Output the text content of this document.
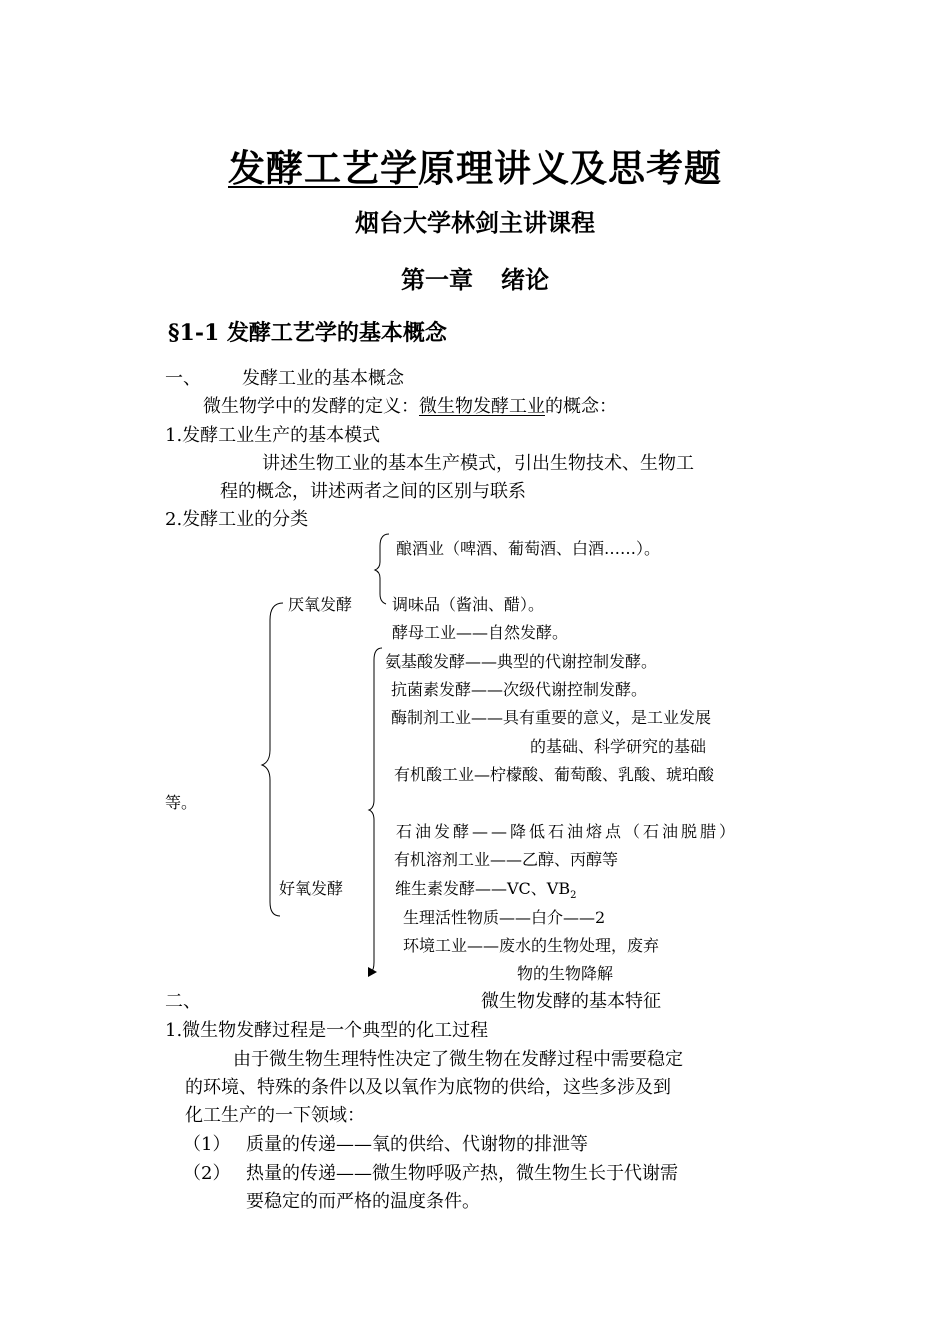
发酵工艺学原理讲义及思考题
烟台大学林剑主讲课程
第一章 绪论
§1-1 发酵工艺学的基本概念
一、 发酵工业的基本概念
微生物学中的发酵的定义：微生物发酵工业的概念：
1.发酵工业生产的基本模式
讲述生物工业的基本生产模式，引出生物技术、生物工
程的概念，讲述两者之间的区别与联系
2.发酵工业的分类
厌氧发酵
好氧发酵
酿酒业（啤酒、葡萄酒、白酒……）。
调味品（酱油、醋）。
酵母工业——自然发酵。
氨基酸发酵——典型的代谢控制发酵。
抗菌素发酵——次级代谢控制发酵。
酶制剂工业——具有重要的意义，是工业发展
的基础、科学研究的基础
有机酸工业—柠檬酸、葡萄酸、乳酸、琥珀酸
等。
石油发酵——降低石油熔点（石油脱腊）
有机溶剂工业——乙醇、丙醇等
维生素发酵——VC、$VB_2$
生理活性物质——白介——2
环境工业——废水的生物处理，废弃
物的生物降解
二、	微生物发酵的基本特征
1.微生物发酵过程是一个典型的化工过程
由于微生物生理特性决定了微生物在发酵过程中需要稳定
的环境、特殊的条件以及以氧作为底物的供给，这些多涉及到
化工生产的一下领域：
（1） 质量的传递——氧的供给、代谢物的排泄等
（2） 热量的传递——微生物呼吸产热，微生物生长于代谢需
要稳定的而严格的温度条件。
